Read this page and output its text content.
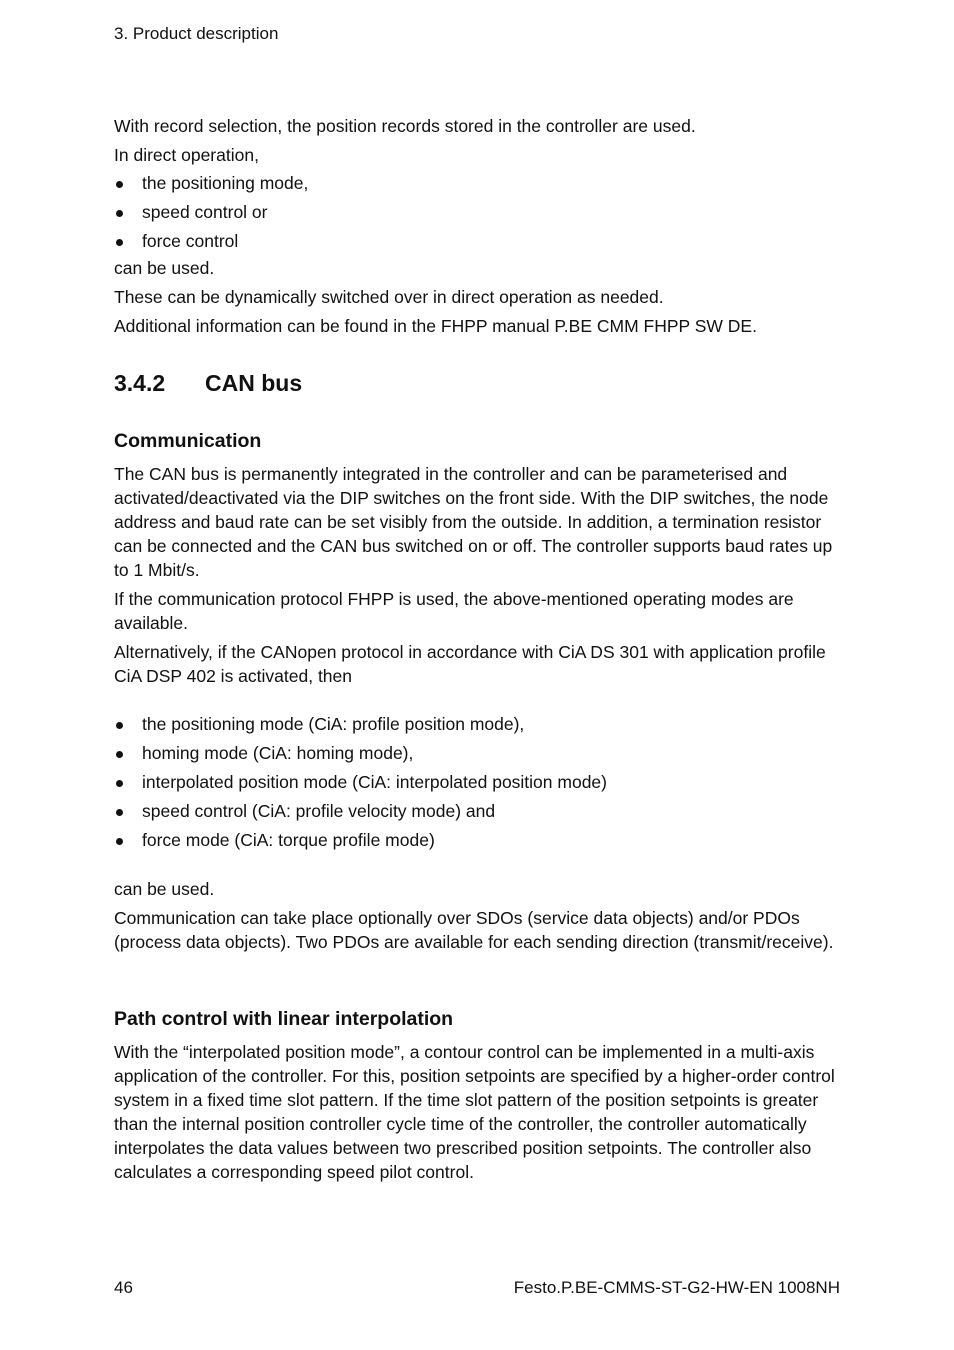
3. Product description

With record selection, the position records stored in the controller are used.

In direct operation,

the positioning mode,
speed control or
force control

can be used.

These can be dynamically switched over in direct operation as needed.

Additional information can be found in the FHPP manual P.BE CMM FHPP SW DE.

3.4.2 CAN bus
Communication

The CAN bus is permanently integrated in the controller and can be parameterised and activated/deactivated via the DIP switches on the front side. With the DIP switches, the node address and baud rate can be set visibly from the outside. In addition, a termination resistor can be connected and the CAN bus switched on or off. The controller supports baud rates up to 1 Mbit/s.

If the communication protocol FHPP is used, the above-mentioned operating modes are available.

Alternatively, if the CANopen protocol in accordance with CiA DS 301 with application profile CiA DSP 402 is activated, then

the positioning mode (CiA: profile position mode),
homing mode (CiA: homing mode),
interpolated position mode (CiA: interpolated position mode)
speed control (CiA: profile velocity mode) and
force mode (CiA: torque profile mode)

can be used.

Communication can take place optionally over SDOs (service data objects) and/or PDOs (process data objects). Two PDOs are available for each sending direction (transmit/receive).

Path control with linear interpolation

With the “interpolated position mode”, a contour control can be implemented in a multi-axis application of the controller. For this, position setpoints are specified by a higher-order control system in a fixed time slot pattern. If the time slot pattern of the position setpoints is greater than the internal position controller cycle time of the controller, the controller automatically interpolates the data values between two prescribed position setpoints. The controller also calculates a corresponding speed pilot control.

46	Festo.P.BE-CMMS-ST-G2-HW-EN 1008NH
